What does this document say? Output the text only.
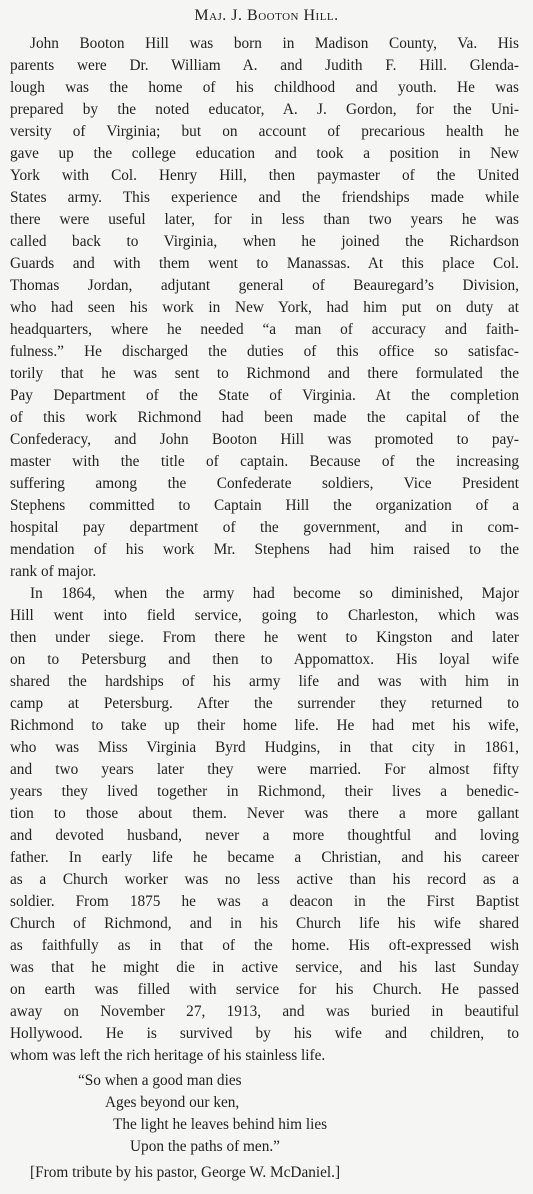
Maj. J. Booton Hill.
John Booton Hill was born in Madison County, Va. His
parents were Dr. William A. and Judith F. Hill. Glenda-
lough was the home of his childhood and youth. He was
prepared by the noted educator, A. J. Gordon, for the Uni-
versity of Virginia; but on account of precarious health he
gave up the college education and took a position in New
York with Col. Henry Hill, then paymaster of the United
States army. This experience and the friendships made while
there were useful later, for in less than two years he was
called back to Virginia, when he joined the Richardson
Guards and with them went to Manassas. At this place Col.
Thomas Jordan, adjutant general of Beauregard’s Division,
who had seen his work in New York, had him put on duty at
headquarters, where he needed “a man of accuracy and faith-
fulness.” He discharged the duties of this office so satisfac-
torily that he was sent to Richmond and there formulated the
Pay Department of the State of Virginia. At the completion
of this work Richmond had been made the capital of the
Confederacy, and John Booton Hill was promoted to pay-
master with the title of captain. Because of the increasing
suffering among the Confederate soldiers, Vice President
Stephens committed to Captain Hill the organization of a
hospital pay department of the government, and in com-
mendation of his work Mr. Stephens had him raised to the
rank of major.
In 1864, when the army had become so diminished, Major
Hill went into field service, going to Charleston, which was
then under siege. From there he went to Kingston and later
on to Petersburg and then to Appomattox. His loyal wife
shared the hardships of his army life and was with him in
camp at Petersburg. After the surrender they returned to
Richmond to take up their home life. He had met his wife,
who was Miss Virginia Byrd Hudgins, in that city in 1861,
and two years later they were married. For almost fifty
years they lived together in Richmond, their lives a benedic-
tion to those about them. Never was there a more gallant
and devoted husband, never a more thoughtful and loving
father. In early life he became a Christian, and his career
as a Church worker was no less active than his record as a
soldier. From 1875 he was a deacon in the First Baptist
Church of Richmond, and in his Church life his wife shared
as faithfully as in that of the home. His oft-expressed wish
was that he might die in active service, and his last Sunday
on earth was filled with service for his Church. He passed
away on November 27, 1913, and was buried in beautiful
Hollywood. He is survived by his wife and children, to
whom was left the rich heritage of his stainless life.
“So when a good man dies
Ages beyond our ken,
The light he leaves behind him lies
Upon the paths of men.”
[From tribute by his pastor, George W. McDaniel.]
